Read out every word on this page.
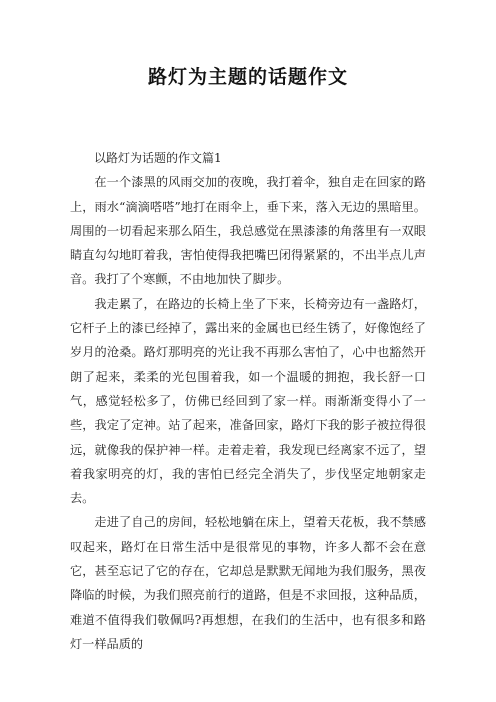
路灯为主题的话题作文

以路灯为话题的作文篇1

在一个漆黑的风雨交加的夜晚，我打着伞，独自走在回家的路上，雨水“滴滴嗒嗒”地打在雨伞上，垂下来，落入无边的黑暗里。周围的一切看起来那么陌生，我总感觉在黑漆漆的角落里有一双眼睛直勾勾地盯着我，害怕使得我把嘴巴闭得紧紧的，不出半点儿声音。我打了个寒颤，不由地加快了脚步。

我走累了，在路边的长椅上坐了下来，长椅旁边有一盏路灯，它杆子上的漆已经掉了，露出来的金属也已经生锈了，好像饱经了岁月的沧桑。路灯那明亮的光让我不再那么害怕了，心中也豁然开朗了起来，柔柔的光包围着我，如一个温暖的拥抱，我长舒一口气，感觉轻松多了，仿佛已经回到了家一样。雨渐渐变得小了一些，我定了定神。站了起来，准备回家，路灯下我的影子被拉得很远，就像我的保护神一样。走着走着，我发现已经离家不远了，望着我家明亮的灯，我的害怕已经完全消失了，步伐坚定地朝家走去。

走进了自己的房间，轻松地躺在床上，望着天花板，我不禁感叹起来，路灯在日常生活中是很常见的事物，许多人都不会在意它，甚至忘记了它的存在，它却总是默默无闻地为我们服务，黑夜降临的时候，为我们照亮前行的道路，但是不求回报，这种品质，难道不值得我们敬佩吗?再想想，在我们的生活中，也有很多和路灯一样品质的
